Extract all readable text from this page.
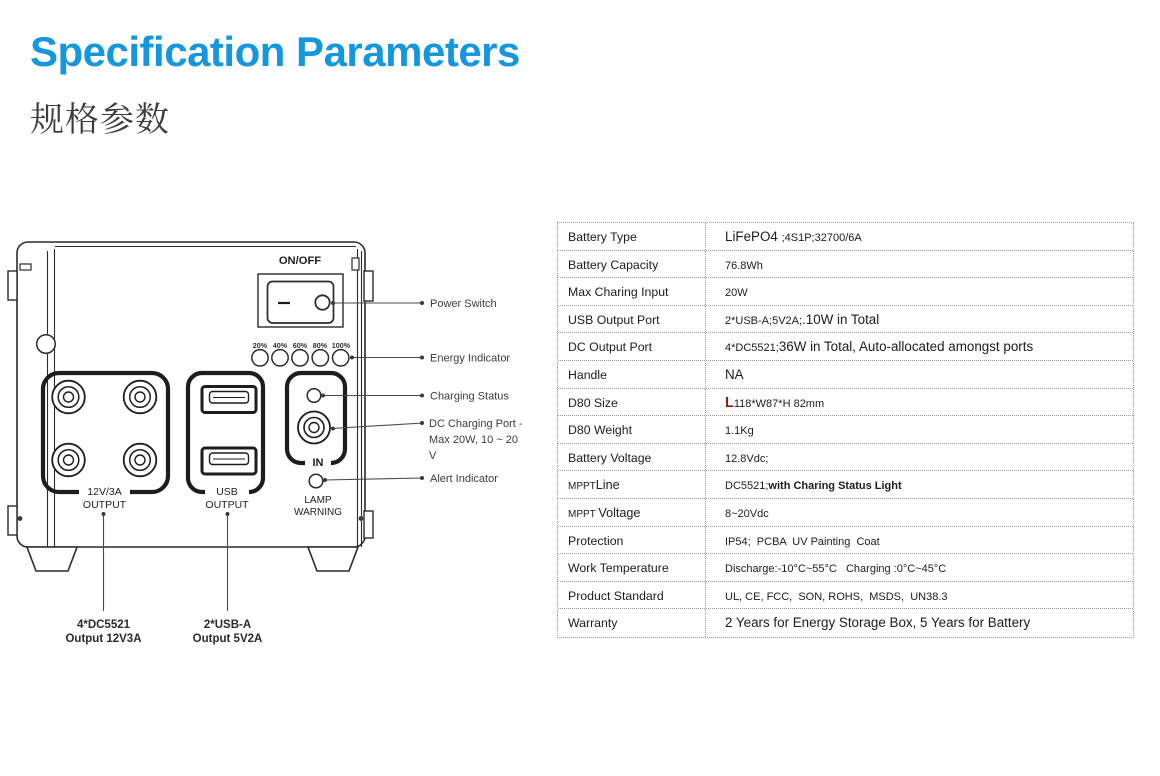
Specification Parameters
规格参数
ON/OFF
20% 40% 60% 80% 100%
12V/3A
OUTPUT
USB
OUTPUT
IN
LAMP
WARNING
Power Switch
Energy Indicator
Charging Status
DC Charging Port -
Max 20W, 10 ~ 20
V
Alert Indicator
4*DC5521
Output 12V3A
2*USB-A
Output 5V2A
Battery Type	LiFePO4 ;4S1P;32700/6A
Battery Capacity	76.8Wh
Max Charing Input	20W
USB Output Port	2*USB-A;5V2A;.10W in Total
DC Output Port	4*DC5521;36W in Total, Auto-allocated amongst ports
Handle	NA
D80 Size	L118*W87*H 82mm
D80 Weight	1.1Kg
Battery Voltage	12.8Vdc;
MPPTLine	DC5521;with Charing Status Light
MPPT Voltage	8~20Vdc
Protection	IP54;  PCBA  UV Painting  Coat
Work Temperature	Discharge:-10°C~55°C   Charging :0°C~45°C
Product Standard	UL, CE, FCC,  SON, ROHS,  MSDS,  UN38.3
Warranty	2 Years for Energy Storage Box, 5 Years for Battery
